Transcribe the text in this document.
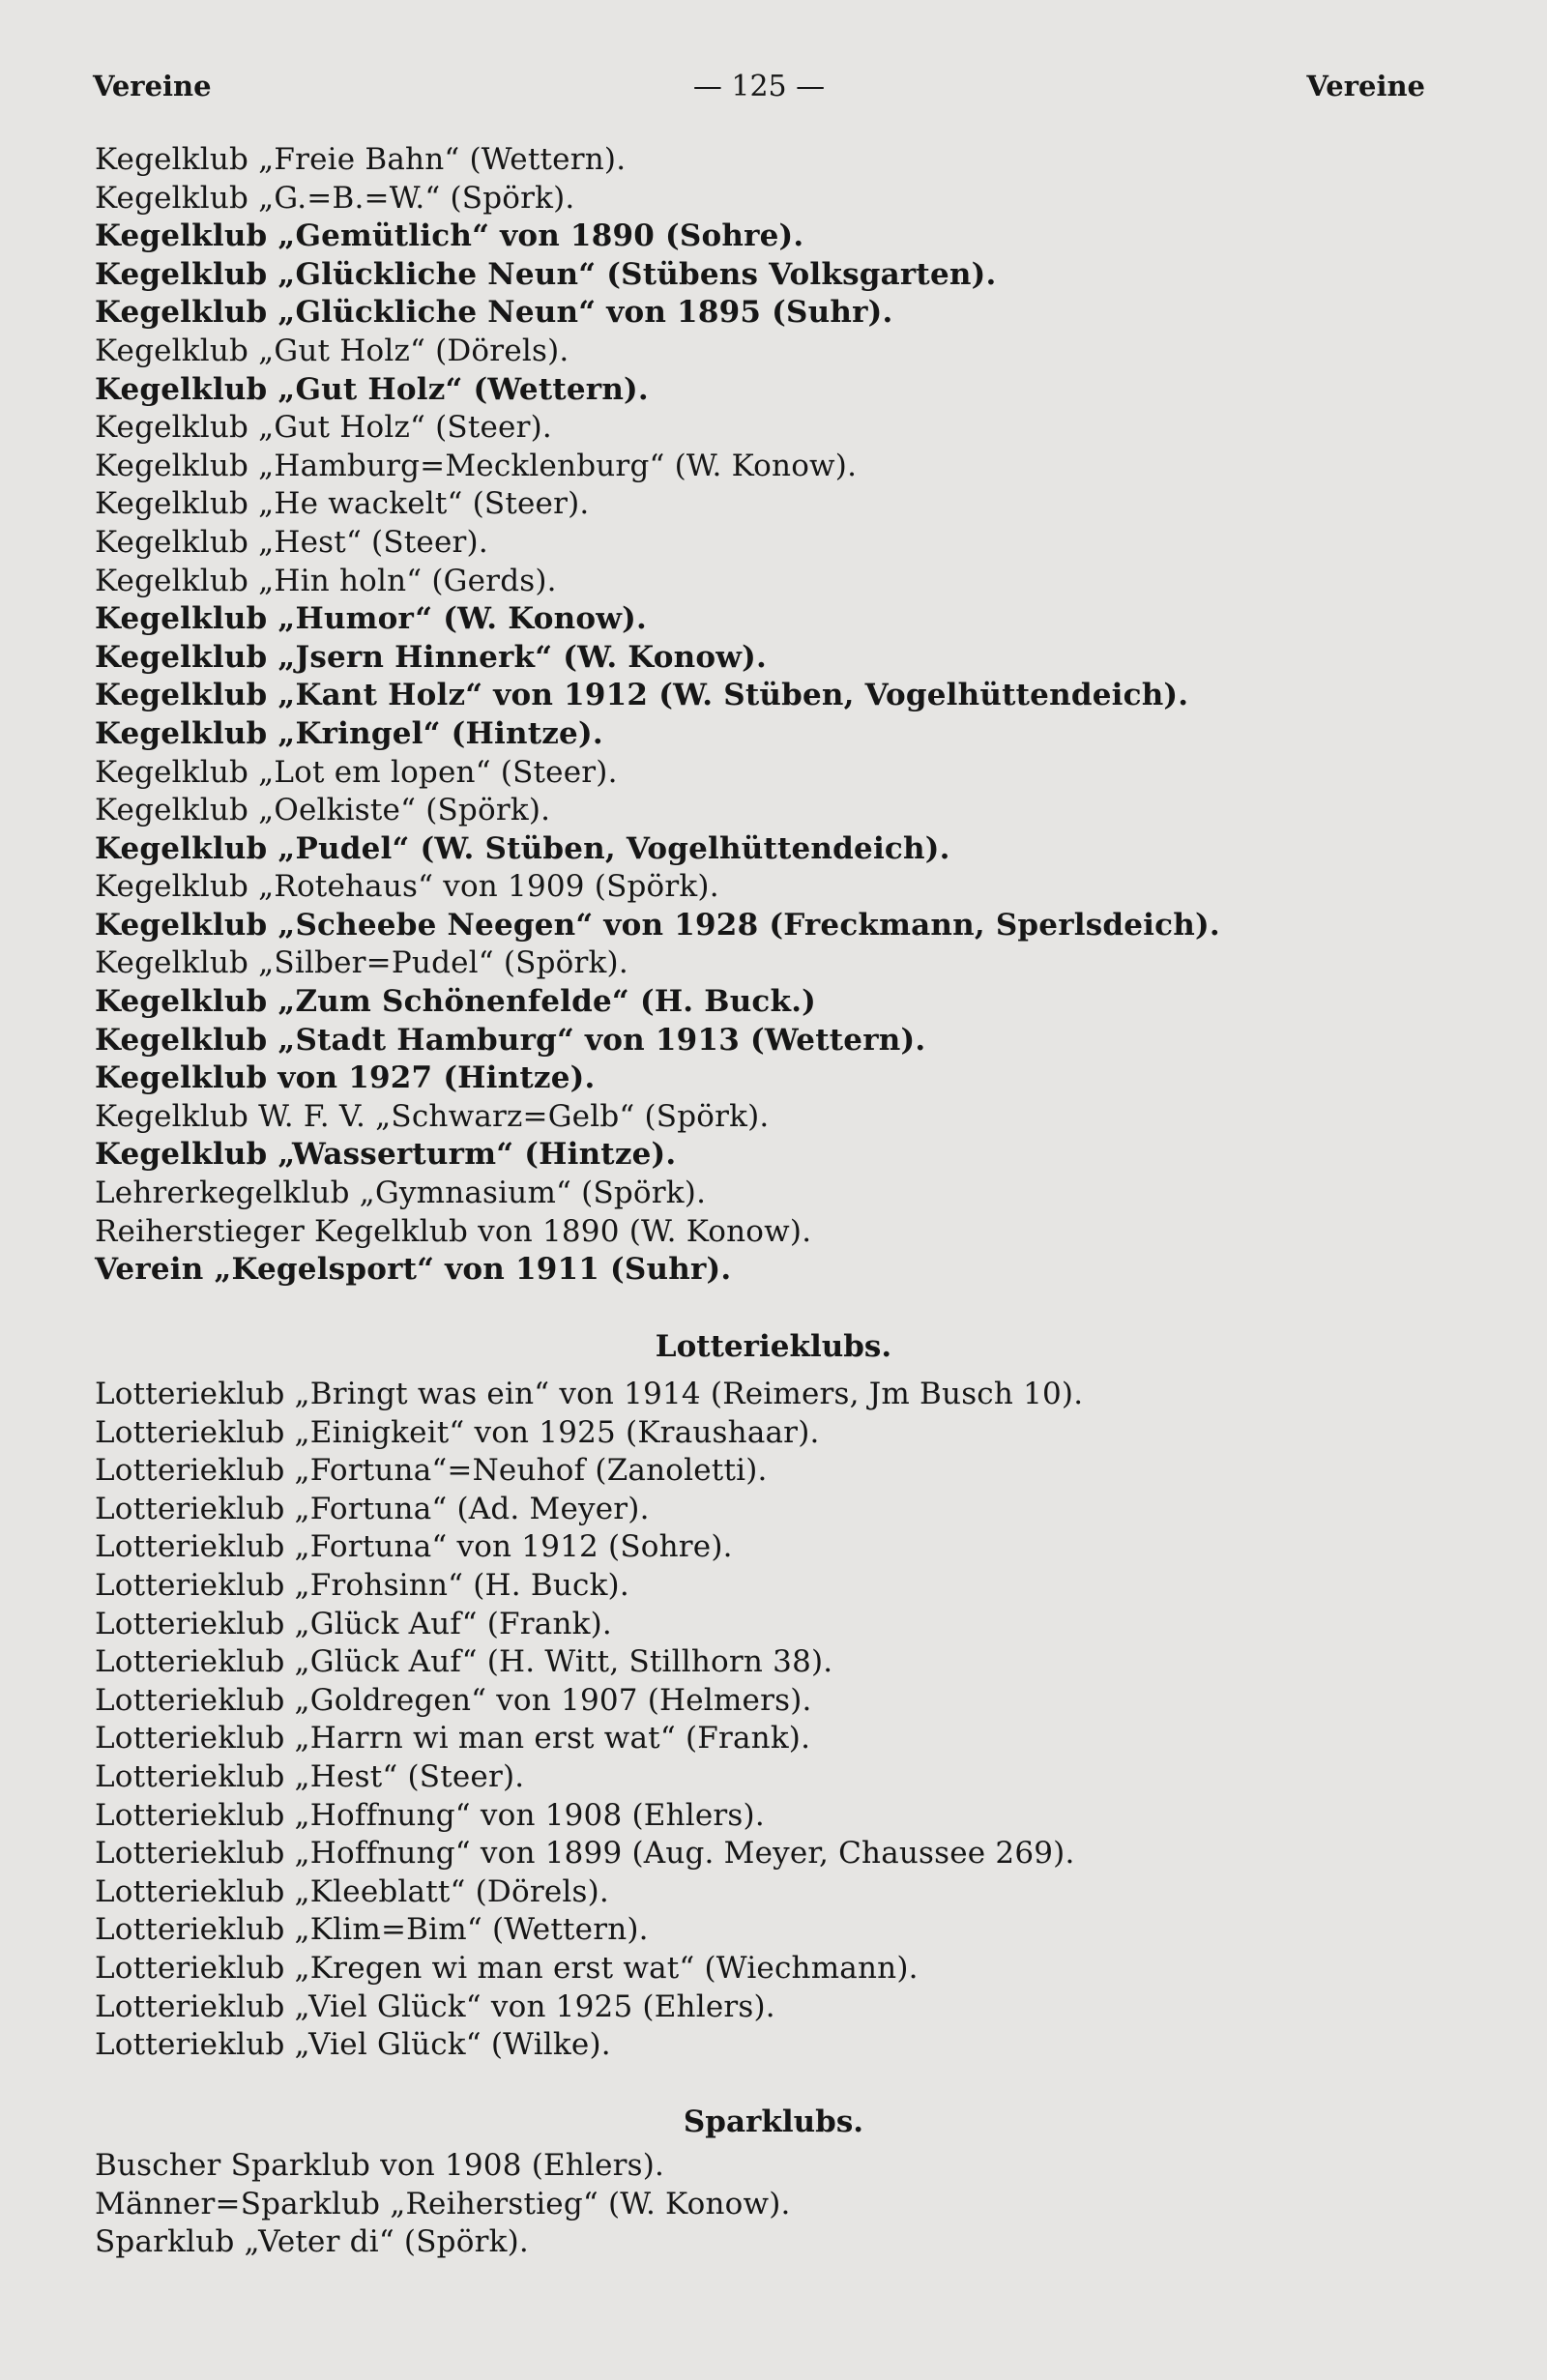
Vereine	— 125 —	Vereine
Kegelklub „Freie Bahn“ (Wettern).
Kegelklub „G.=B.=W.“ (Spörk).
Kegelklub „Gemütlich“ von 1890 (Sohre).
Kegelklub „Glückliche Neun“ (Stübens Volksgarten).
Kegelklub „Glückliche Neun“ von 1895 (Suhr).
Kegelklub „Gut Holz“ (Dörels).
Kegelklub „Gut Holz“ (Wettern).
Kegelklub „Gut Holz“ (Steer).
Kegelklub „Hamburg=Mecklenburg“ (W. Konow).
Kegelklub „He wackelt“ (Steer).
Kegelklub „Hest“ (Steer).
Kegelklub „Hin holn“ (Gerds).
Kegelklub „Humor“ (W. Konow).
Kegelklub „Jsern Hinnerk“ (W. Konow).
Kegelklub „Kant Holz“ von 1912 (W. Stüben, Vogelhüttendeich).
Kegelklub „Kringel“ (Hintze).
Kegelklub „Lot em lopen“ (Steer).
Kegelklub „Oelkiste“ (Spörk).
Kegelklub „Pudel“ (W. Stüben, Vogelhüttendeich).
Kegelklub „Rotehaus“ von 1909 (Spörk).
Kegelklub „Scheebe Neegen“ von 1928 (Freckmann, Sperlsdeich).
Kegelklub „Silber=Pudel“ (Spörk).
Kegelklub „Zum Schönenfelde“ (H. Buck.)
Kegelklub „Stadt Hamburg“ von 1913 (Wettern).
Kegelklub von 1927 (Hintze).
Kegelklub W. F. V. „Schwarz=Gelb“ (Spörk).
Kegelklub „Wasserturm“ (Hintze).
Lehrerkegelklub „Gymnasium“ (Spörk).
Reiherstieger Kegelklub von 1890 (W. Konow).
Verein „Kegelsport“ von 1911 (Suhr).
Lotterieklubs.
Lotterieklub „Bringt was ein“ von 1914 (Reimers, Jm Busch 10).
Lotterieklub „Einigkeit“ von 1925 (Kraushaar).
Lotterieklub „Fortuna“=Neuhof (Zanoletti).
Lotterieklub „Fortuna“ (Ad. Meyer).
Lotterieklub „Fortuna“ von 1912 (Sohre).
Lotterieklub „Frohsinn“ (H. Buck).
Lotterieklub „Glück Auf“ (Frank).
Lotterieklub „Glück Auf“ (H. Witt, Stillhorn 38).
Lotterieklub „Goldregen“ von 1907 (Helmers).
Lotterieklub „Harrn wi man erst wat“ (Frank).
Lotterieklub „Hest“ (Steer).
Lotterieklub „Hoffnung“ von 1908 (Ehlers).
Lotterieklub „Hoffnung“ von 1899 (Aug. Meyer, Chaussee 269).
Lotterieklub „Kleeblatt“ (Dörels).
Lotterieklub „Klim=Bim“ (Wettern).
Lotterieklub „Kregen wi man erst wat“ (Wiechmann).
Lotterieklub „Viel Glück“ von 1925 (Ehlers).
Lotterieklub „Viel Glück“ (Wilke).
Sparklubs.
Buscher Sparklub von 1908 (Ehlers).
Männer=Sparklub „Reiherstieg“ (W. Konow).
Sparklub „Veter di“ (Spörk).
